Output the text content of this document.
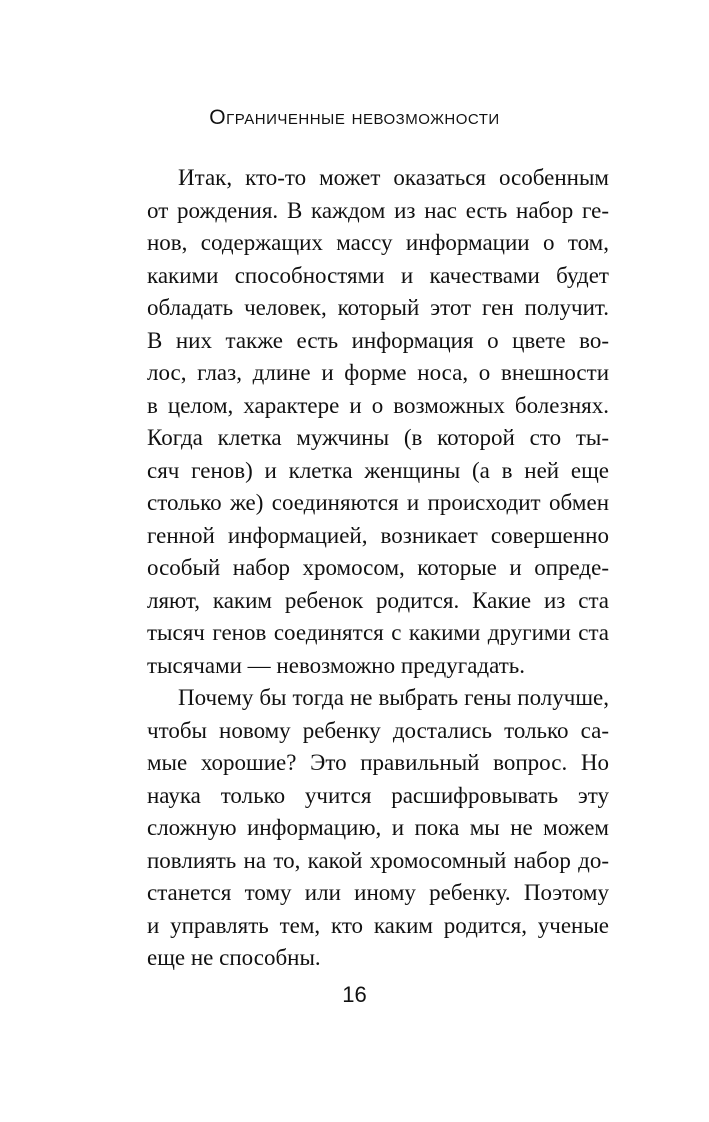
Ограниченные невозможности
Итак, кто-то может оказаться особенным
от рождения. В каждом из нас есть набор ге-
нов, содержащих массу информации о том,
какими способностями и качествами будет
обладать человек, который этот ген получит.
В них также есть информация о цвете во-
лос, глаз, длине и форме носа, о внешности
в целом, характере и о возможных болезнях.
Когда клетка мужчины (в которой сто ты-
сяч генов) и клетка женщины (а в ней еще
столько же) соединяются и происходит обмен
генной информацией, возникает совершенно
особый набор хромосом, которые и опреде-
ляют, каким ребенок родится. Какие из ста
тысяч генов соединятся с какими другими ста
тысячами — невозможно предугадать.
Почему бы тогда не выбрать гены получше,
чтобы новому ребенку достались только са-
мые хорошие? Это правильный вопрос. Но
наука только учится расшифровывать эту
сложную информацию, и пока мы не можем
повлиять на то, какой хромосомный набор до-
станется тому или иному ребенку. Поэтому
и управлять тем, кто каким родится, ученые
еще не способны.
16
